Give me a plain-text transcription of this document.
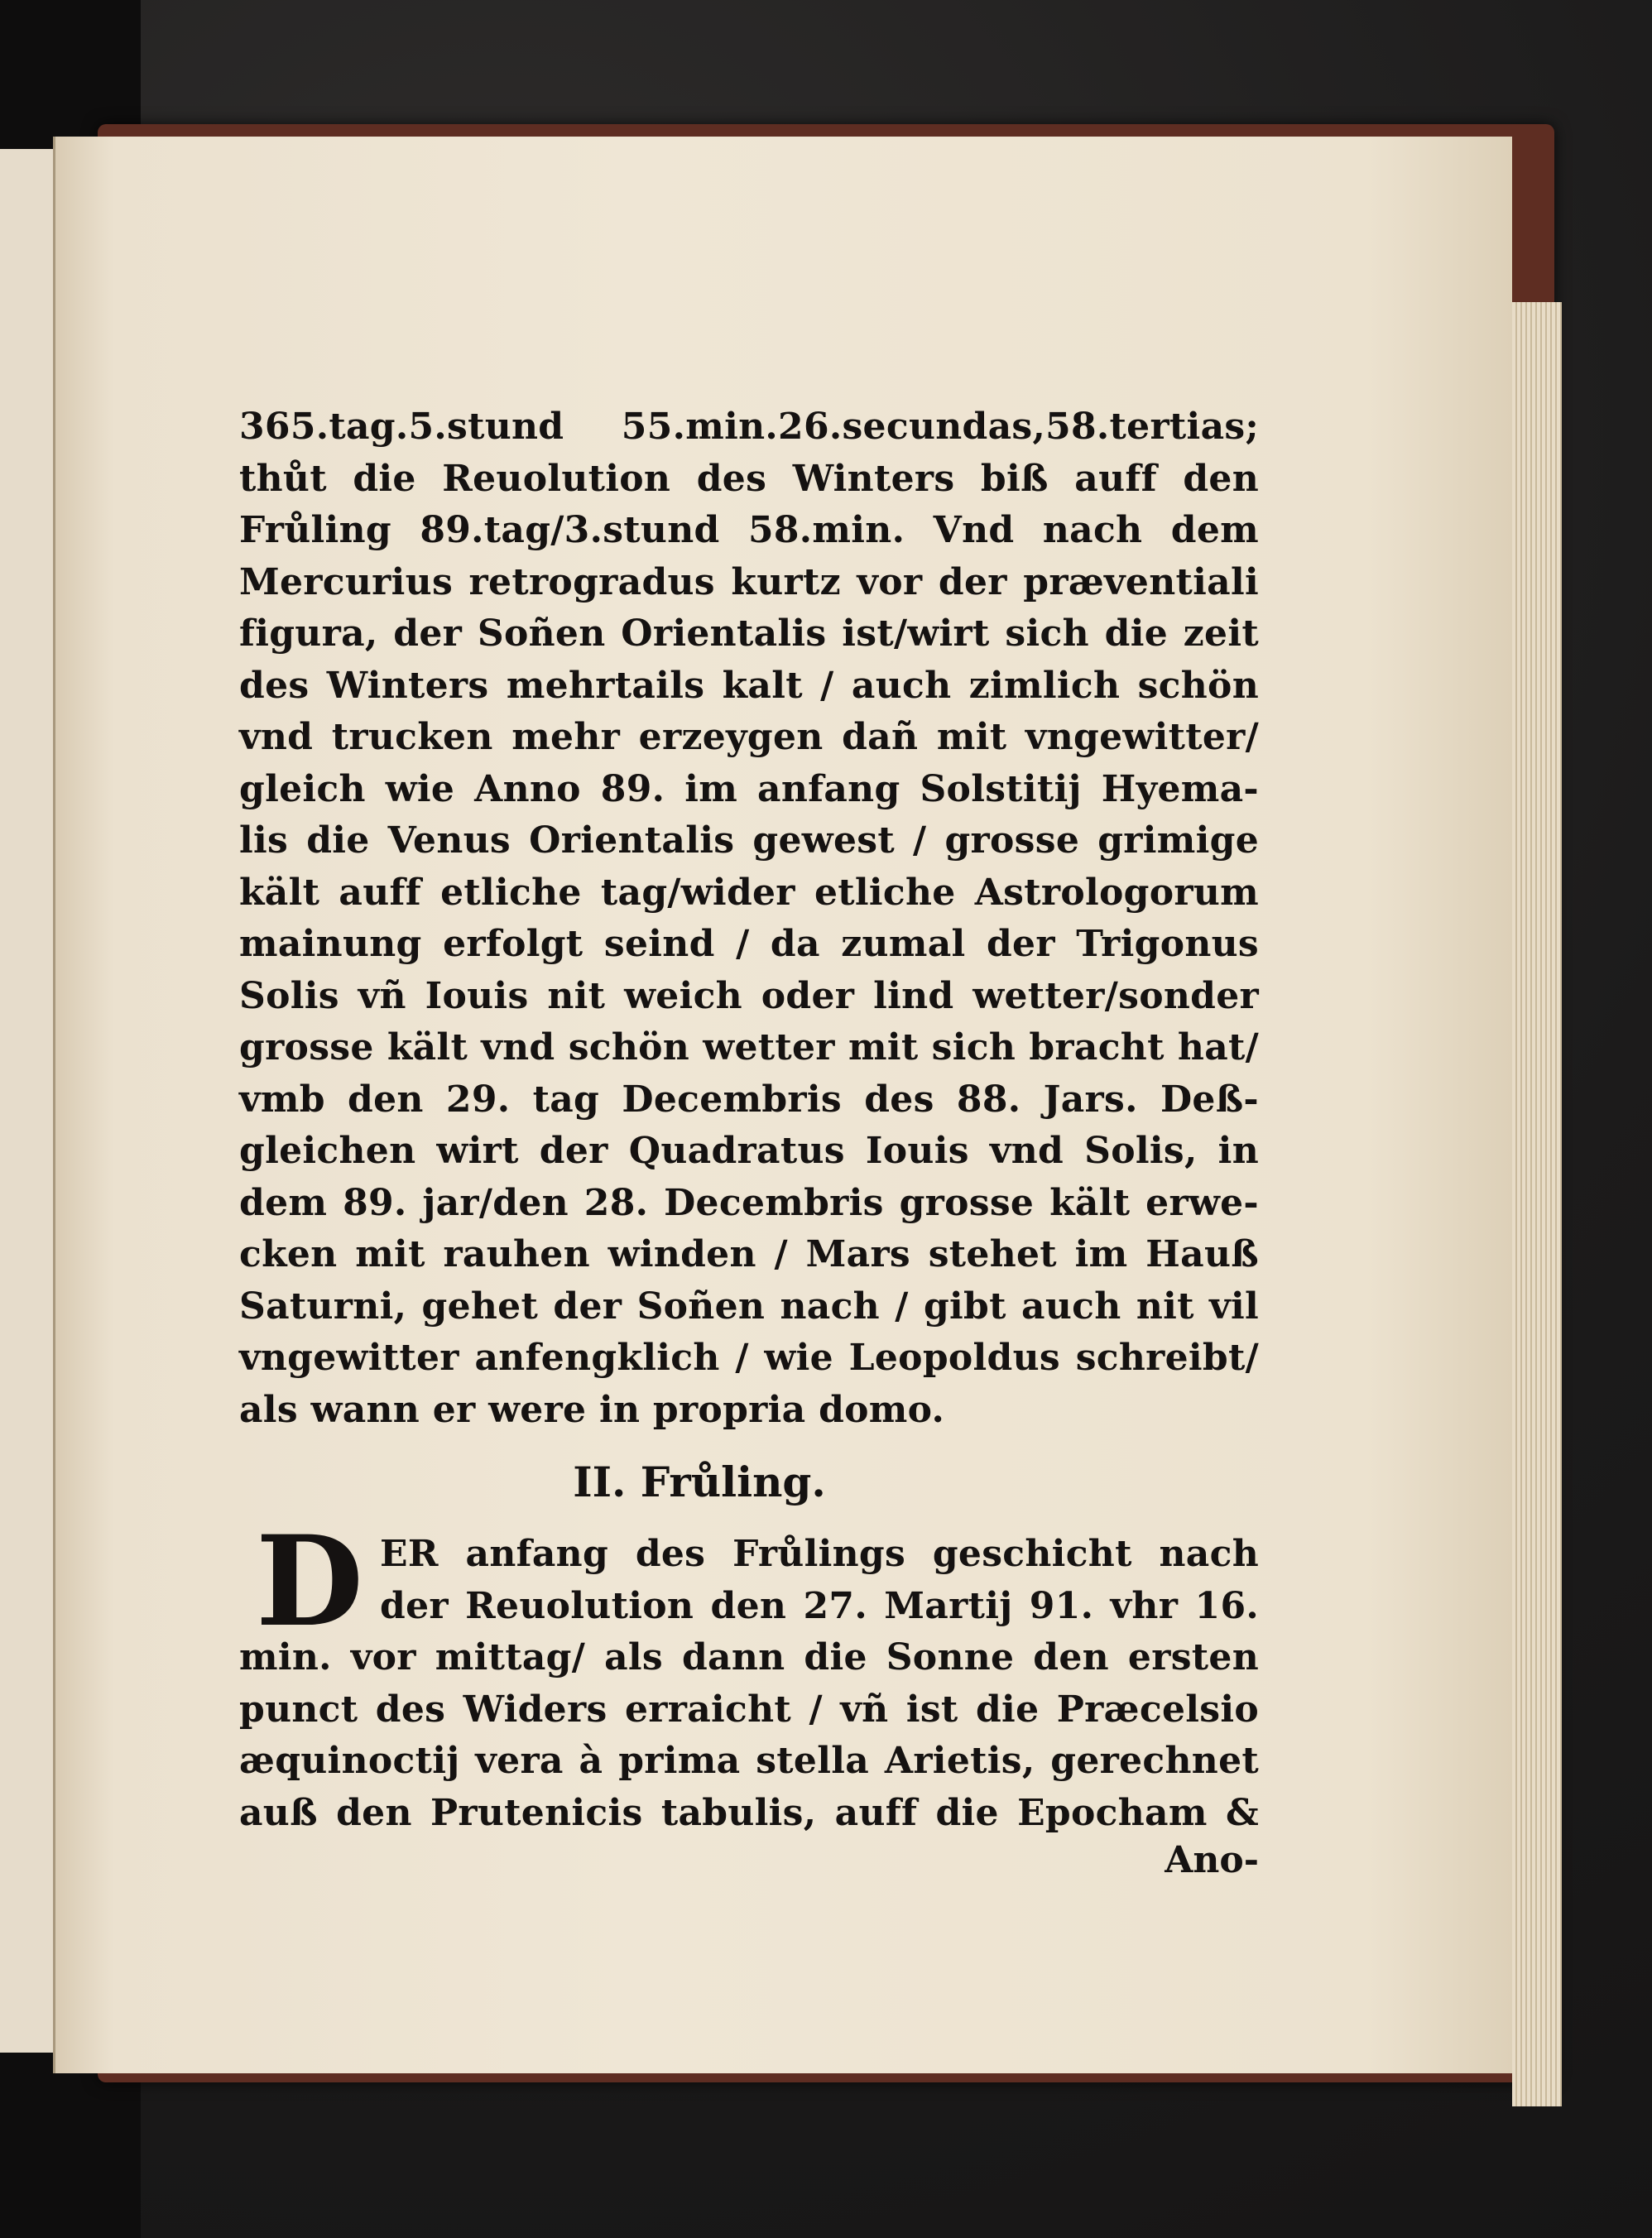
365.tag.5.stund 55.min.26.secundas,58.tertias;
thůt die Reuolution des Winters biß auff den
Frůling 89.tag/3.stund 58.min. Vnd nach dem
Mercurius retrogradus kurtz vor der præventiali
figura, der Soñen Orientalis ist/wirt sich die zeit
des Winters mehrtails kalt / auch zimlich schön
vnd trucken mehr erzeygen dañ mit vngewitter/
gleich wie Anno 89. im anfang Solstitij Hyema-
lis die Venus Orientalis gewest / grosse grimige
kält auff etliche tag/wider etliche Astrologorum
mainung erfolgt seind / da zumal der Trigonus
Solis vñ Iouis nit weich oder lind wetter/sonder
grosse kält vnd schön wetter mit sich bracht hat/
vmb den 29. tag Decembris des 88. Jars. Deß-
gleichen wirt der Quadratus Iouis vnd Solis, in
dem 89. jar/den 28. Decembris grosse kält erwe-
cken mit rauhen winden / Mars stehet im Hauß
Saturni, gehet der Soñen nach / gibt auch nit vil
vngewitter anfengklich / wie Leopoldus schreibt/
als wann er were in propria domo.
II. Frůling.
D ER anfang des Frůlings geschicht nach
der Reuolution den 27. Martij 91. vhr 16.
min. vor mittag/ als dann die Sonne den ersten
punct des Widers erraicht / vñ ist die Præcelsio
æquinoctij vera à prima stella Arietis, gerechnet
auß den Prutenicis tabulis, auff die Epocham &
Ano-
